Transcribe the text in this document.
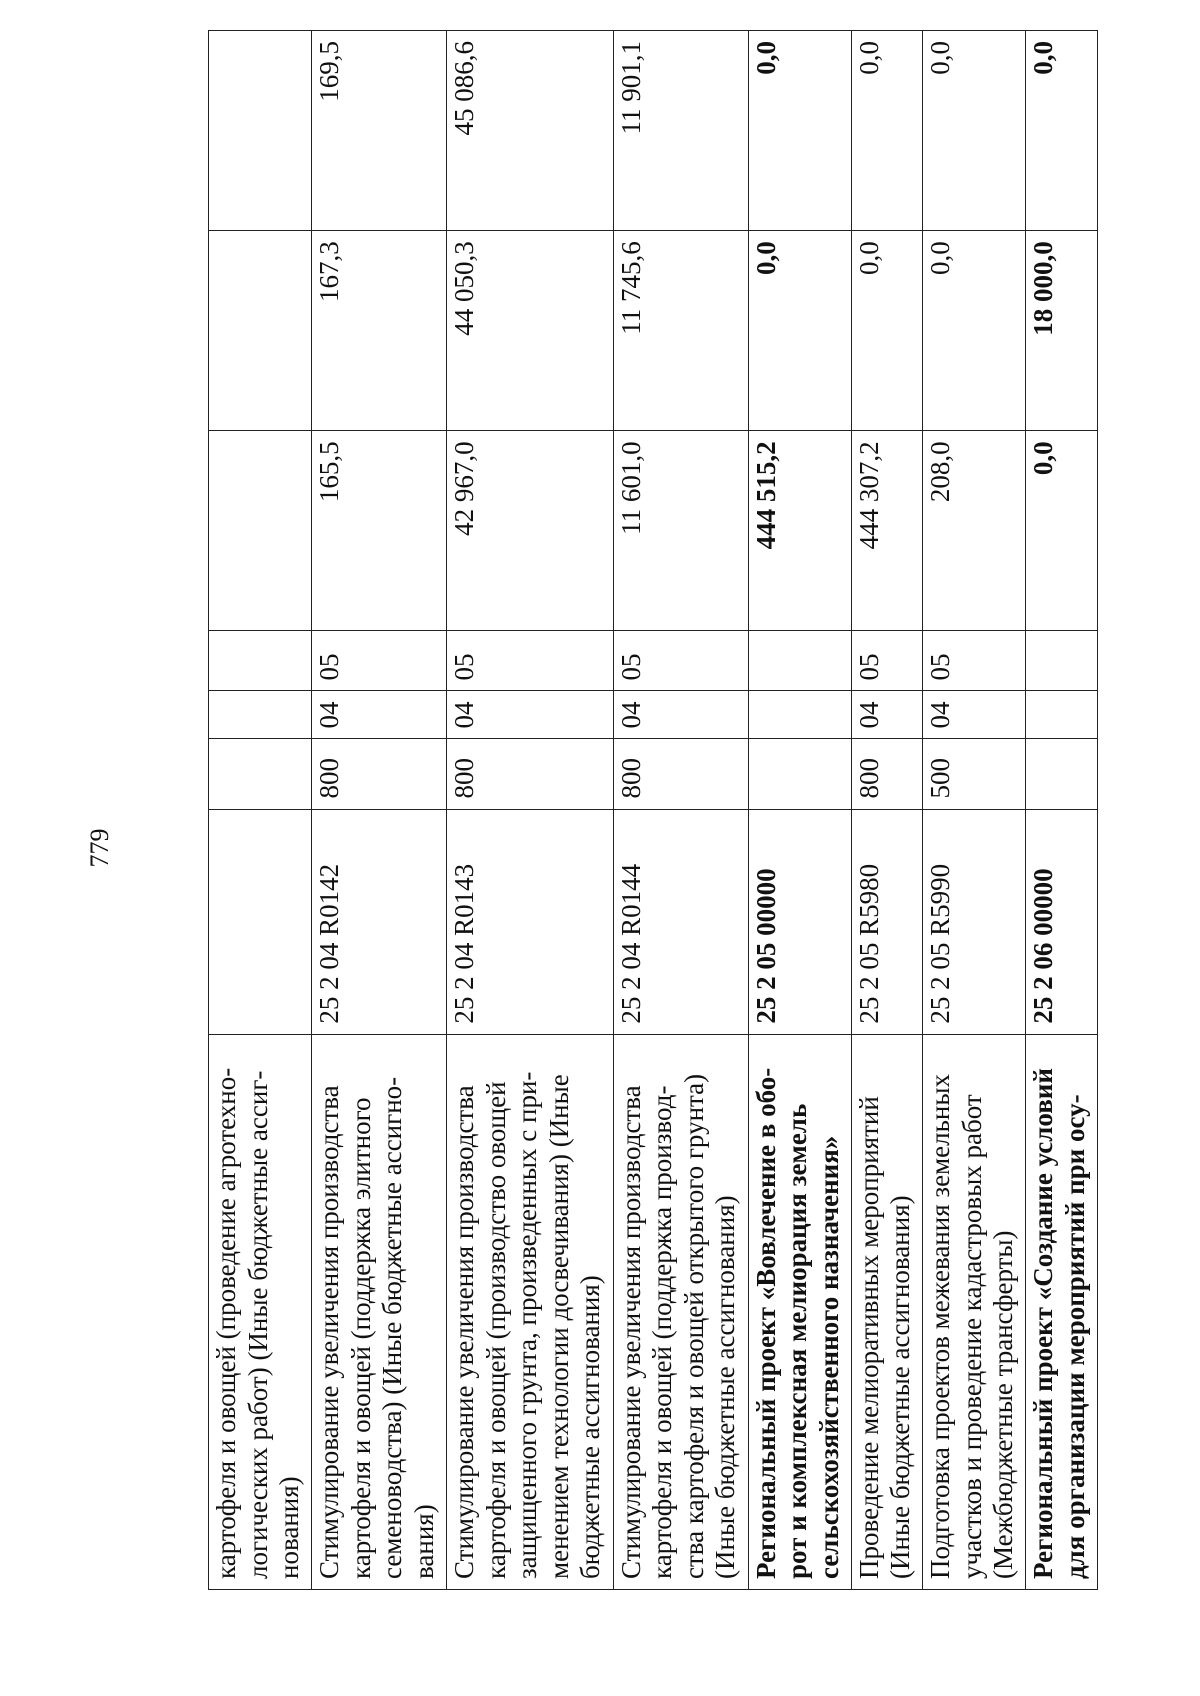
779
картофеля и овощей (проведение агротехно-логических работ) (Иные бюджетные ассиг-нования)							
Стимулирование увеличения производства картофеля и овощей (поддержка элитного семеноводства) (Иные бюджетные ассигно-вания)	25 2 04 R0142	800	04	05	165,5	167,3	169,5
Стимулирование увеличения производства картофеля и овощей (производство овощей защищенного грунта, произведенных с при-менением технологии досвечивания) (Иные бюджетные ассигнования)	25 2 04 R0143	800	04	05	42 967,0	44 050,3	45 086,6
Стимулирование увеличения производства картофеля и овощей (поддержка производ-ства картофеля и овощей открытого грунта) (Иные бюджетные ассигнования)	25 2 04 R0144	800	04	05	11 601,0	11 745,6	11 901,1
Региональный проект «Вовлечение в обо-рот и комплексная мелиорация земель сельскохозяйственного назначения»	25 2 05 00000				444 515,2	0,0	0,0
Проведение мелиоративных мероприятий (Иные бюджетные ассигнования)	25 2 05 R5980	800	04	05	444 307,2	0,0	0,0
Подготовка проектов межевания земельных участков и проведение кадастровых работ (Межбюджетные трансферты)	25 2 05 R5990	500	04	05	208,0	0,0	0,0
Региональный проект «Создание условий для организации мероприятий при осу-	25 2 06 00000				0,0	18 000,0	0,0
